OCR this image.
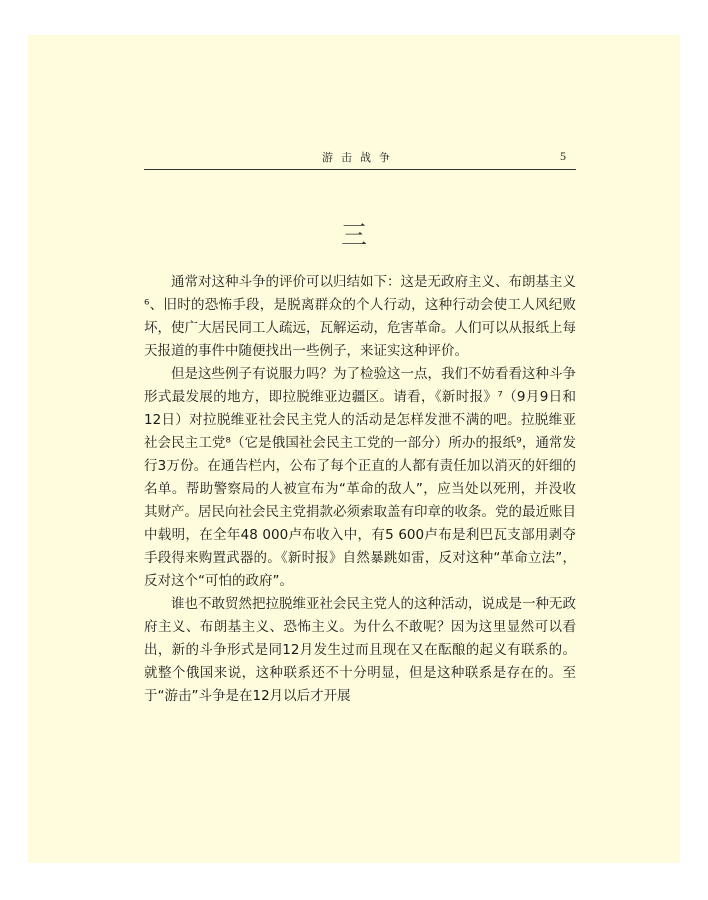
游击战争	5
三

通常对这种斗争的评价可以归结如下：这是无政府主义、布朗基主义⁶、旧时的恐怖手段，是脱离群众的个人行动，这种行动会使工人风纪败坏，使广大居民同工人疏远，瓦解运动，危害革命。人们可以从报纸上每天报道的事件中随便找出一些例子，来证实这种评价。

但是这些例子有说服力吗？为了检验这一点，我们不妨看看这种斗争形式最发展的地方，即拉脱维亚边疆区。请看，《新时报》⁷（9月9日和12日）对拉脱维亚社会民主党人的活动是怎样发泄不满的吧。拉脱维亚社会民主工党⁸（它是俄国社会民主工党的一部分）所办的报纸⁹，通常发行3万份。在通告栏内，公布了每个正直的人都有责任加以消灭的奸细的名单。帮助警察局的人被宣布为“革命的敌人”，应当处以死刑，并没收其财产。居民向社会民主党捐款必须索取盖有印章的收条。党的最近账目中载明，在全年48 000卢布收入中，有5 600卢布是利巴瓦支部用剥夺手段得来购置武器的。《新时报》自然暴跳如雷，反对这种“革命立法”，反对这个“可怕的政府”。

谁也不敢贸然把拉脱维亚社会民主党人的这种活动，说成是一种无政府主义、布朗基主义、恐怖主义。为什么不敢呢？因为这里显然可以看出，新的斗争形式是同12月发生过而且现在又在酝酿的起义有联系的。就整个俄国来说，这种联系还不十分明显，但是这种联系是存在的。至于“游击”斗争是在12月以后才开展
